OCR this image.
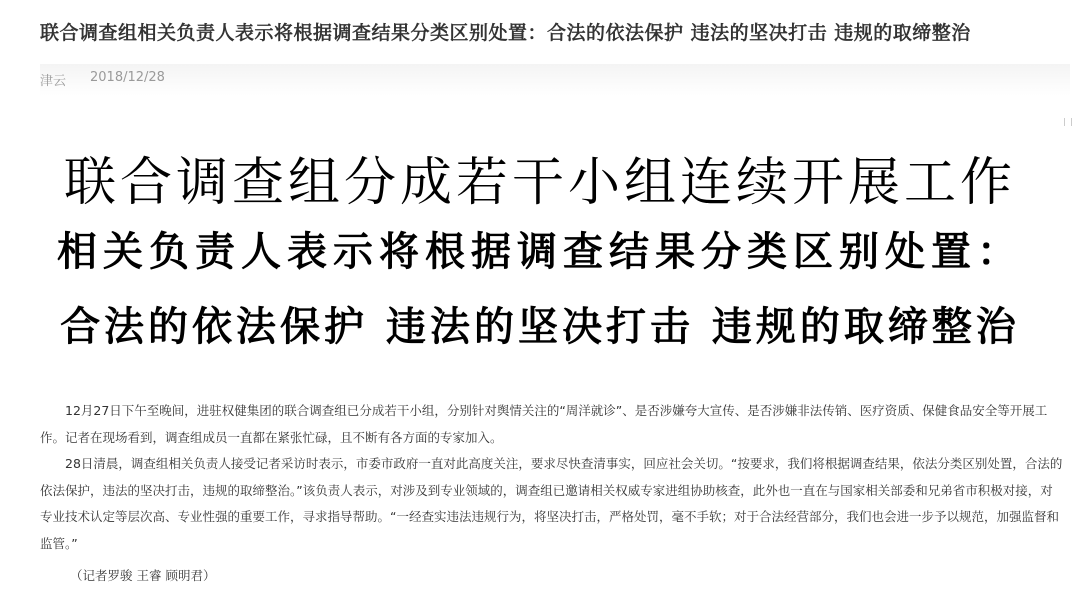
联合调查组相关负责人表示将根据调查结果分类区别处置：合法的依法保护 违法的坚决打击 违规的取缔整治
津云 2018/12/28
联合调查组分成若干小组连续开展工作
相关负责人表示将根据调查结果分类区别处置：
合法的依法保护 违法的坚决打击 违规的取缔整治

12月27日下午至晚间，进驻权健集团的联合调查组已分成若干小组，分别针对舆情关注的“周洋就诊”、是否涉嫌夸大宣传、是否涉嫌非法传销、医疗资质、保健食品安全等开展工作。记者在现场看到，调查组成员一直都在紧张忙碌，且不断有各方面的专家加入。

28日清晨，调查组相关负责人接受记者采访时表示，市委市政府一直对此高度关注，要求尽快查清事实，回应社会关切。“按要求，我们将根据调查结果，依法分类区别处置，合法的依法保护，违法的坚决打击，违规的取缔整治。”该负责人表示，对涉及到专业领域的，调查组已邀请相关权威专家进组协助核查，此外也一直在与国家相关部委和兄弟省市积极对接，对专业技术认定等层次高、专业性强的重要工作，寻求指导帮助。“一经查实违法违规行为，将坚决打击，严格处罚，毫不手软；对于合法经营部分，我们也会进一步予以规范，加强监督和监管。”

（记者罗骏 王睿 顾明君）
